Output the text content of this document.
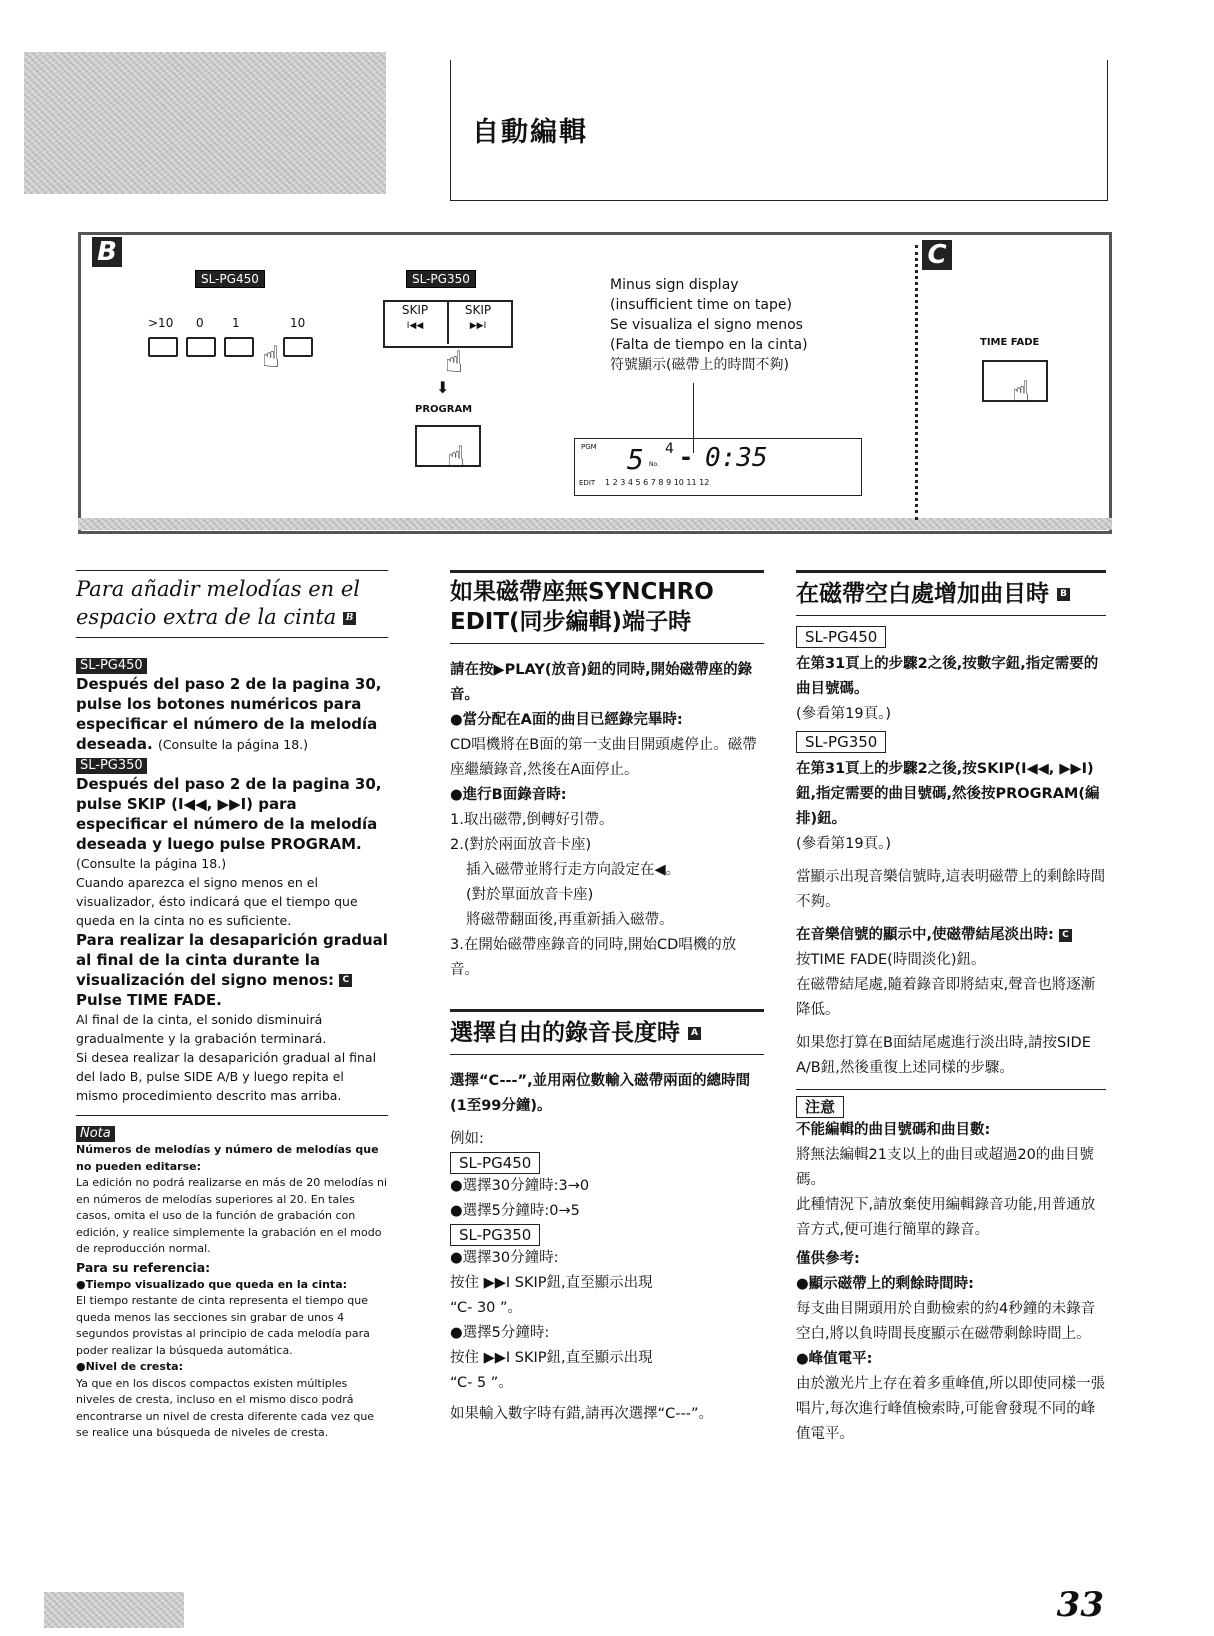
自動編輯
B	C
SL-PG450
>10 0 1	10
☝
SL-PG350
SKIP
I◀◀
SKIP
▶▶I
☝
⬇
PROGRAM
☝
Minus sign display
(insufficient time on tape)
Se visualiza el signo menos
(Falta de tiempo en la cinta)
符號顯示(磁帶上的時間不夠)
PGM 5 No.
4 - 0:35
EDIT 1 2 3 4 5 6 7 8 9 10 11 12
TIME FADE
☝
Para añadir melodías en el espacio extra de la cinta B
SL-PG450
Después del paso 2 de la pagina 30, pulse los botones numéricos para especificar el número de la melodía deseada. (Consulte la página 18.)
SL-PG350
Después del paso 2 de la pagina 30, pulse SKIP (I◀◀, ▶▶I) para especificar el número de la melodía deseada y luego pulse PROGRAM.
(Consulte la página 18.)
Cuando aparezca el signo menos en el visualizador, ésto indicará que el tiempo que queda en la cinta no es suficiente.
Para realizar la desaparición gradual al final de la cinta durante la visualización del signo menos: C
Pulse TIME FADE.
Al final de la cinta, el sonido disminuirá gradualmente y la grabación terminará.
Si desea realizar la desaparición gradual al final del lado B, pulse SIDE A/B y luego repita el mismo procedimiento descrito mas arriba.
Nota
Números de melodías y número de melodías que no pueden editarse:
La edición no podrá realizarse en más de 20 melodías ni en números de melodías superiores al 20. En tales casos, omita el uso de la función de grabación con edición, y realice simplemente la grabación en el modo de reproducción normal.
Para su referencia:
●Tiempo visualizado que queda en la cinta:
El tiempo restante de cinta representa el tiempo que queda menos las secciones sin grabar de unos 4 segundos provistas al principio de cada melodía para poder realizar la búsqueda automática.
●Nivel de cresta:
Ya que en los discos compactos existen múltiples niveles de cresta, incluso en el mismo disco podrá encontrarse un nivel de cresta diferente cada vez que se realice una búsqueda de niveles de cresta.
如果磁帶座無SYNCHRO EDIT(同步編輯)端子時
請在按▶PLAY(放音)鈕的同時,開始磁帶座的錄音。
●當分配在A面的曲目已經錄完畢時:
CD唱機將在B面的第一支曲目開頭處停止。磁帶座繼續錄音,然後在A面停止。
●進行B面錄音時:
1.取出磁帶,倒轉好引帶。
2.(對於兩面放音卡座)
插入磁帶並將行走方向設定在◀。
(對於單面放音卡座)
將磁帶翻面後,再重新插入磁帶。
3.在開始磁帶座錄音的同時,開始CD唱機的放音。
選擇自由的錄音長度時 A
選擇“C---”,並用兩位數輸入磁帶兩面的總時間(1至99分鐘)。
例如:
SL-PG450
●選擇30分鐘時:3→0
●選擇5分鐘時:0→5
SL-PG350
●選擇30分鐘時:
按住 ▶▶I SKIP鈕,直至顯示出現
“C- 30 ”。
●選擇5分鐘時:
按住 ▶▶I SKIP鈕,直至顯示出現
“C- 5 ”。
如果輸入數字時有錯,請再次選擇“C---”。
在磁帶空白處增加曲目時 B
SL-PG450
在第31頁上的步驟2之後,按數字鈕,指定需要的曲目號碼。
(參看第19頁。)
SL-PG350
在第31頁上的步驟2之後,按SKIP(I◀◀, ▶▶I)鈕,指定需要的曲目號碼,然後按PROGRAM(編排)鈕。
(參看第19頁。)
當顯示出現音樂信號時,這表明磁帶上的剩餘時間不夠。
在音樂信號的顯示中,使磁帶結尾淡出時: C
按TIME FADE(時間淡化)鈕。
在磁帶結尾處,隨着錄音即將結束,聲音也將逐漸降低。
如果您打算在B面結尾處進行淡出時,請按SIDE A/B鈕,然後重復上述同樣的步驟。
注意
不能編輯的曲目號碼和曲目數:
將無法編輯21支以上的曲目或超過20的曲目號碼。
此種情況下,請放棄使用編輯錄音功能,用普通放音方式,便可進行簡單的錄音。
僅供參考:
●顯示磁帶上的剩餘時間時:
每支曲目開頭用於自動檢索的約4秒鐘的未錄音空白,將以負時間長度顯示在磁帶剩餘時間上。
●峰值電平:
由於激光片上存在着多重峰值,所以即使同樣一張唱片,每次進行峰值檢索時,可能會發現不同的峰值電平。
33
